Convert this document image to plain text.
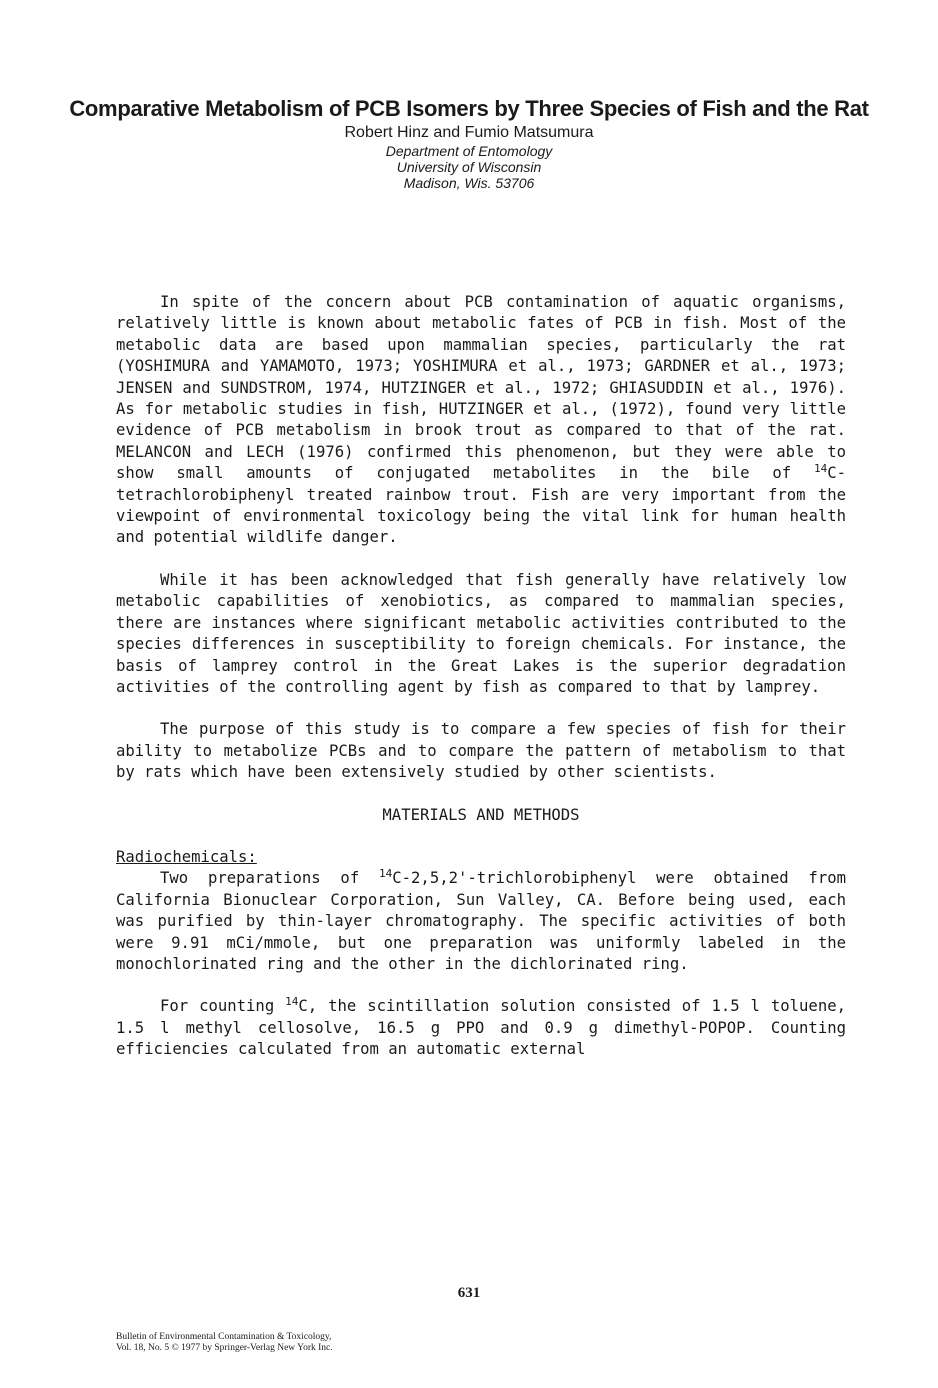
Comparative Metabolism of PCB Isomers by Three Species of Fish and the Rat
Robert Hinz and Fumio Matsumura
Department of Entomology
University of Wisconsin
Madison, Wis. 53706

In spite of the concern about PCB contamination of aquatic organisms, relatively little is known about metabolic fates of PCB in fish. Most of the metabolic data are based upon mammalian species, particularly the rat (YOSHIMURA and YAMAMOTO, 1973; YOSHIMURA et al., 1973; GARDNER et al., 1973; JENSEN and SUNDSTROM, 1974, HUTZINGER et al., 1972; GHIASUDDIN et al., 1976). As for metabolic studies in fish, HUTZINGER et al., (1972), found very little evidence of PCB metabolism in brook trout as compared to that of the rat. MELANCON and LECH (1976) confirmed this phenomenon, but they were able to show small amounts of conjugated metabolites in the bile of $^{14}$C-tetrachlorobiphenyl treated rainbow trout. Fish are very important from the viewpoint of environmental toxicology being the vital link for human health and potential wildlife danger.

While it has been acknowledged that fish generally have relatively low metabolic capabilities of xenobiotics, as compared to mammalian species, there are instances where significant metabolic activities contributed to the species differences in susceptibility to foreign chemicals. For instance, the basis of lamprey control in the Great Lakes is the superior degradation activities of the controlling agent by fish as compared to that by lamprey.

The purpose of this study is to compare a few species of fish for their ability to metabolize PCBs and to compare the pattern of metabolism to that by rats which have been extensively studied by other scientists.

MATERIALS AND METHODS

Radiochemicals:

Two preparations of $^{14}$C-2,5,2'-trichlorobiphenyl were obtained from California Bionuclear Corporation, Sun Valley, CA. Before being used, each was purified by thin-layer chromatography. The specific activities of both were 9.91 mCi/mmole, but one preparation was uniformly labeled in the monochlorinated ring and the other in the dichlorinated ring.

For counting $^{14}$C, the scintillation solution consisted of 1.5 l toluene, 1.5 l methyl cellosolve, 16.5 g PPO and 0.9 g dimethyl-POPOP. Counting efficiencies calculated from an automatic external

631
Bulletin of Environmental Contamination & Toxicology,
Vol. 18, No. 5 © 1977 by Springer-Verlag New York Inc.
